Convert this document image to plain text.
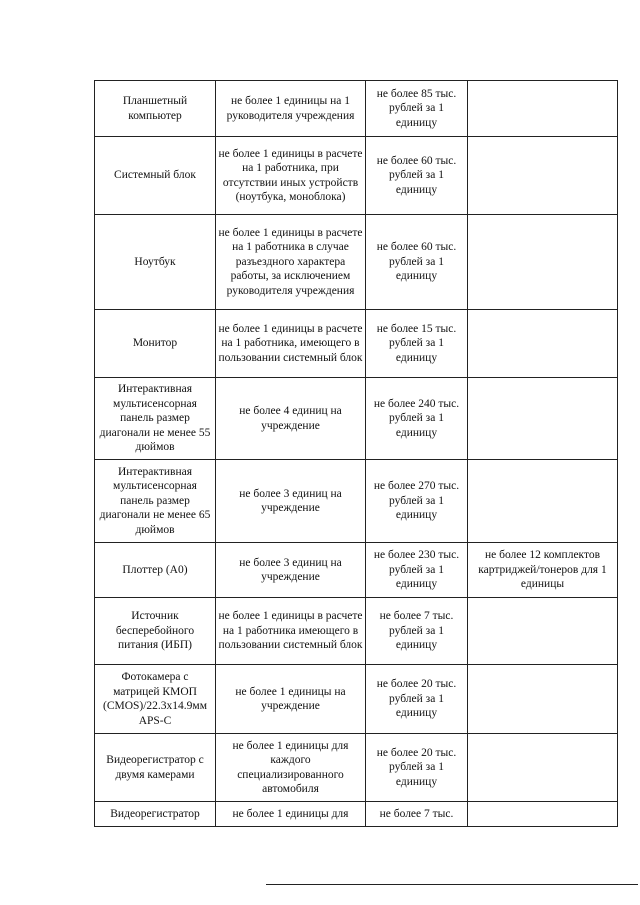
Планшетный компьютер	не более 1 единицы на 1 руководителя учреждения	не более 85 тыс. рублей за 1 единицу	
Системный блок	не более 1 единицы в расчете на 1 работника, при отсутствии иных устройств (ноутбука, моноблока)	не более 60 тыс. рублей за 1 единицу	
Ноутбук	не более 1 единицы в расчете на 1 работника в случае разъездного характера работы, за исключением руководителя учреждения	не более 60 тыс. рублей за 1 единицу	
Монитор	не более 1 единицы в расчете на 1 работника, имеющего в пользовании системный блок	не более 15 тыс. рублей за 1 единицу	
Интерактивная мультисенсорная панель размер диагонали не менее 55 дюймов	не более 4 единиц на учреждение	не более 240 тыс. рублей за 1 единицу	
Интерактивная мультисенсорная панель размер диагонали не менее 65 дюймов	не более 3 единиц на учреждение	не более 270 тыс. рублей за 1 единицу	
Плоттер (А0)	не более 3 единиц на учреждение	не более 230 тыс. рублей за 1 единицу	не более 12 комплектов картриджей/тонеров для 1 единицы
Источник бесперебойного питания (ИБП)	не более 1 единицы в расчете на 1 работника имеющего в пользовании системный блок	не более 7 тыс. рублей за 1 единицу	
Фотокамера с матрицей КМОП (CMOS)/22.3x14.9мм APS-C	не более 1 единицы на учреждение	не более 20 тыс. рублей за 1 единицу	
Видеорегистратор с двумя камерами	не более 1 единицы для каждого специализированного автомобиля	не более 20 тыс. рублей за 1 единицу	
Видеорегистратор	не более 1 единицы для	не более 7 тыс.	
